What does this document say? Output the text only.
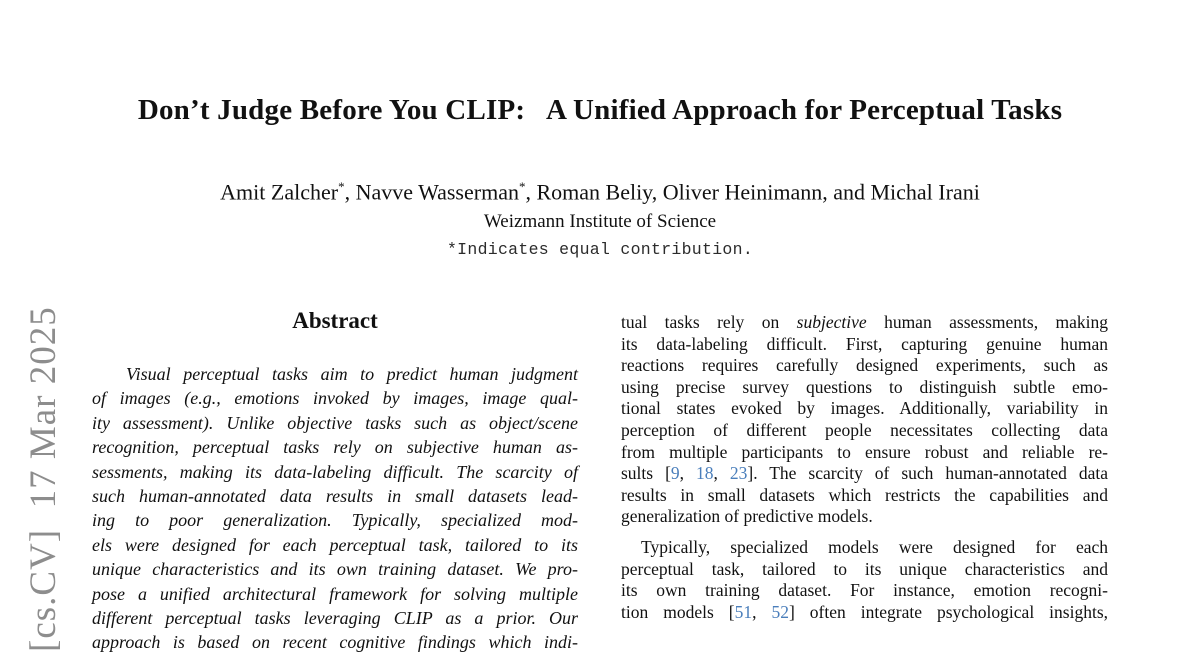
[cs.CV]  17 Mar 2025
Don’t Judge Before You CLIP:   A Unified Approach for Perceptual Tasks
Amit Zalcher*, Navve Wasserman*, Roman Beliy, Oliver Heinimann, and Michal Irani
Weizmann Institute of Science
*Indicates equal contribution.
Abstract
Visual perceptual tasks aim to predict human judgment
of images (e.g., emotions invoked by images, image qual-
ity assessment). Unlike objective tasks such as object/scene
recognition, perceptual tasks rely on subjective human as-
sessments, making its data-labeling difficult. The scarcity of
such human-annotated data results in small datasets lead-
ing to poor generalization. Typically, specialized mod-
els were designed for each perceptual task, tailored to its
unique characteristics and its own training dataset. We pro-
pose a unified architectural framework for solving multiple
different perceptual tasks leveraging CLIP as a prior. Our
approach is based on recent cognitive findings which indi-
tual tasks rely on subjective human assessments, making
its data-labeling difficult. First, capturing genuine human
reactions requires carefully designed experiments, such as
using precise survey questions to distinguish subtle emo-
tional states evoked by images. Additionally, variability in
perception of different people necessitates collecting data
from multiple participants to ensure robust and reliable re-
sults [9, 18, 23]. The scarcity of such human-annotated data
results in small datasets which restricts the capabilities and
generalization of predictive models.
Typically, specialized models were designed for each
perceptual task, tailored to its unique characteristics and
its own training dataset. For instance, emotion recogni-
tion models [51, 52] often integrate psychological insights,
